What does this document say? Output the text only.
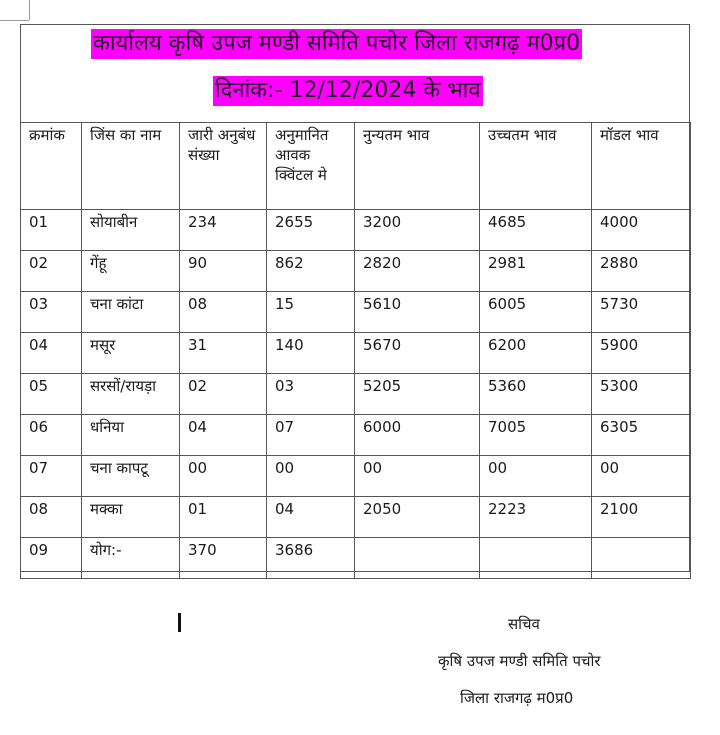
कार्यालय कृषि उपज मण्डी समिति पचोर जिला राजगढ़ म0प्र0
दिनांक:- 12/12/2024 के भाव
क्रमांक	जिंस का नाम	जारी अनुबंध संख्या	अनुमानित आवक क्विंटल मे	नुन्यतम भाव	उच्चतम भाव	मॉडल भाव
01	सोयाबीन	234	2655	3200	4685	4000
02	गेंहू	90	862	2820	2981	2880
03	चना कांटा	08	15	5610	6005	5730
04	मसूर	31	140	5670	6200	5900
05	सरसों/रायड़ा	02	03	5205	5360	5300
06	धनिया	04	07	6000	7005	6305
07	चना कापटू	00	00	00	00	00
08	मक्का	01	04	2050	2223	2100
09	योग:-	370	3686			
सचिव
कृषि उपज मण्डी समिति पचोर
जिला राजगढ़ म0प्र0
